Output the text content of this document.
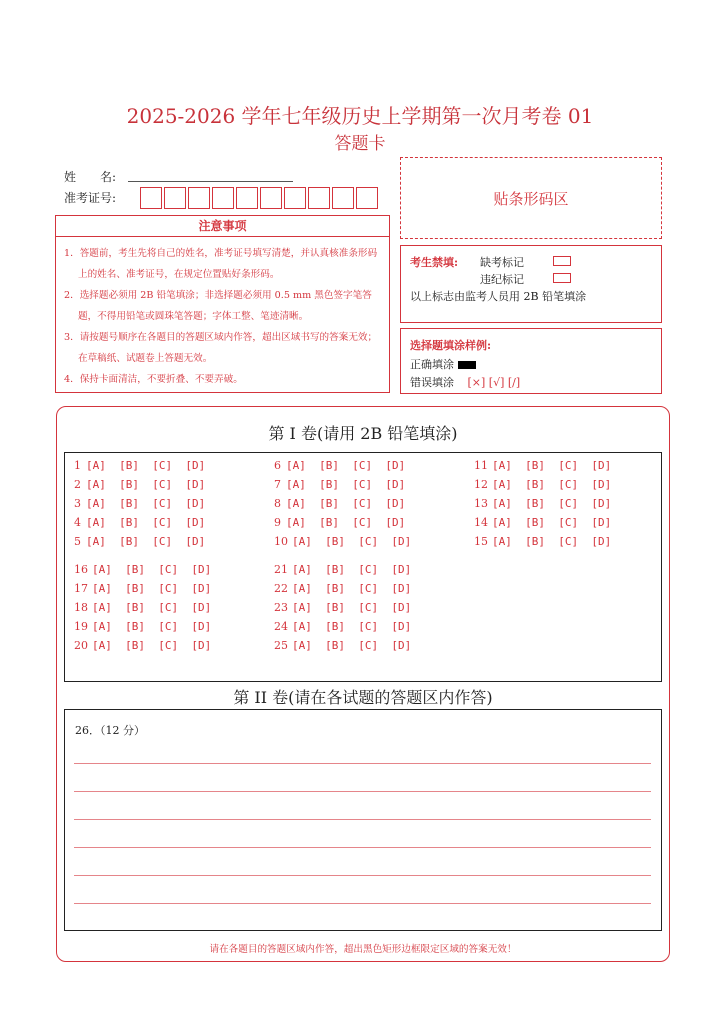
2025-2026 学年七年级历史上学期第一次月考卷 01
答题卡
姓　　名:
准考证号:	贴条形码区
注意事项
1．答题前，考生先将自己的姓名，准考证号填写清楚，并认真核准条形码上的姓名、准考证号，在规定位置贴好条形码。
2．选择题必须用 2B 铅笔填涂；非选择题必须用 0.5 mm 黑色签字笔答题，不得用铅笔或圆珠笔答题；字体工整、笔迹清晰。
3．请按题号顺序在各题目的答题区域内作答，超出区域书写的答案无效；在草稿纸、试题卷上答题无效。
4．保持卡面清洁，不要折叠、不要弄破。
考生禁填: 缺考标记
违纪标记
以上标志由监考人员用 2B 铅笔填涂
选择题填涂样例:
正确填涂
错误填涂 [×] [√] [/]
第 I 卷(请用 2B 铅笔填涂)
1 [A]  [B]  [C]  [D]
2 [A]  [B]  [C]  [D]
3 [A]  [B]  [C]  [D]
4 [A]  [B]  [C]  [D]
5 [A]  [B]  [C]  [D]
6 [A]  [B]  [C]  [D]
7 [A]  [B]  [C]  [D]
8 [A]  [B]  [C]  [D]
9 [A]  [B]  [C]  [D]
10 [A]  [B]  [C]  [D]
11 [A]  [B]  [C]  [D]
12 [A]  [B]  [C]  [D]
13 [A]  [B]  [C]  [D]
14 [A]  [B]  [C]  [D]
15 [A]  [B]  [C]  [D]
16 [A]  [B]  [C]  [D]
17 [A]  [B]  [C]  [D]
18 [A]  [B]  [C]  [D]
19 [A]  [B]  [C]  [D]
20 [A]  [B]  [C]  [D]
21 [A]  [B]  [C]  [D]
22 [A]  [B]  [C]  [D]
23 [A]  [B]  [C]  [D]
24 [A]  [B]  [C]  [D]
25 [A]  [B]  [C]  [D]
第 II 卷(请在各试题的答题区内作答)
26．（12 分）
请在各题目的答题区域内作答，超出黑色矩形边框限定区域的答案无效！
